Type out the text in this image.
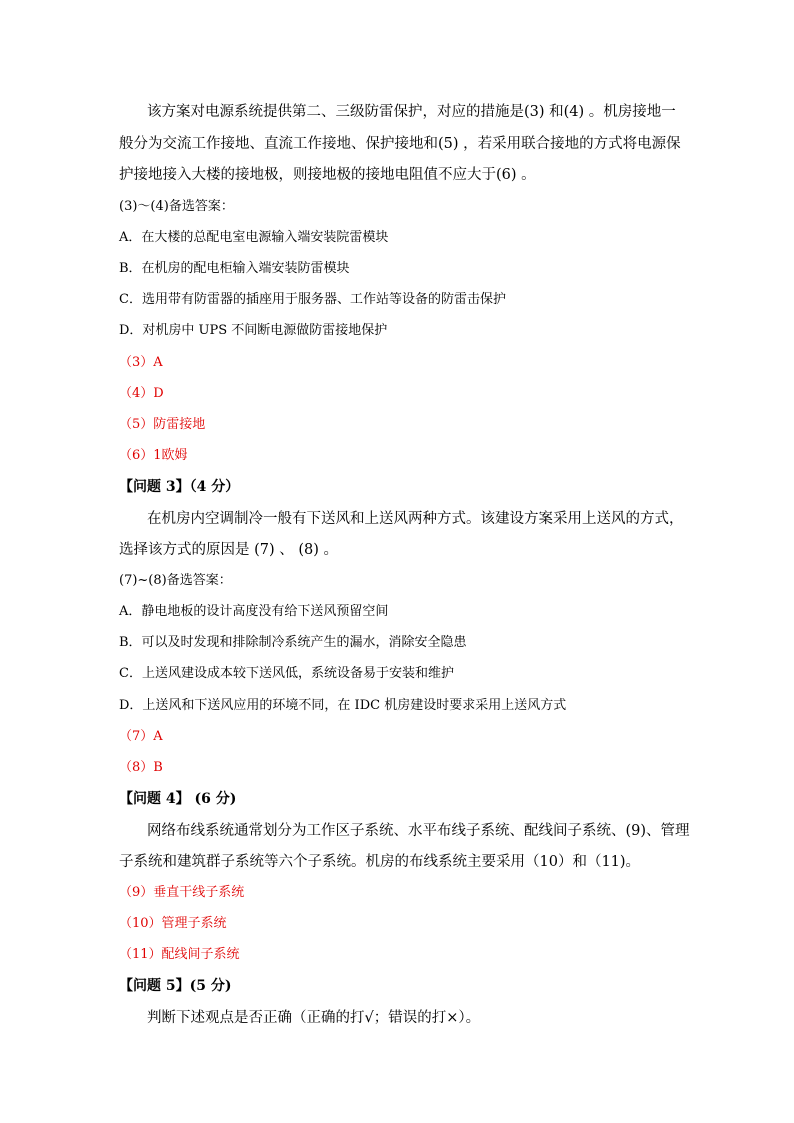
该方案对电源系统提供第二、三级防雷保护，对应的措施是(3) 和(4) 。机房接地一
般分为交流工作接地、直流工作接地、保护接地和(5) ，若采用联合接地的方式将电源保
护接地接入大楼的接地极，则接地极的接地电阻值不应大于(6) 。
(3)～(4)备选答案：
A．在大楼的总配电室电源输入端安装院雷模块
B．在机房的配电柜输入端安装防雷模块
C．选用带有防雷器的插座用于服务器、工作站等设备的防雷击保护
D．对机房中 UPS 不间断电源做防雷接地保护
（3）A
（4）D
（5）防雷接地
（6）1欧姆
【问题 3】（4 分）
在机房内空调制冷一般有下送风和上送风两种方式。该建设方案采用上送风的方式，
选择该方式的原因是 (7) 、 (8) 。
(7)~(8)备选答案：
A．静电地板的设计高度没有给下送风预留空间
B．可以及时发现和排除制冷系统产生的漏水，消除安全隐患
C．上送风建设成本较下送风低，系统设备易于安装和维护
D．上送风和下送风应用的环境不同，在 IDC 机房建设时要求采用上送风方式
（7）A
（8）B
【问题 4】 (6 分)
网络布线系统通常划分为工作区子系统、水平布线子系统、配线间子系统、(9)、管理
子系统和建筑群子系统等六个子系统。机房的布线系统主要采用（10）和（11)。
（9）垂直干线子系统
（10）管理子系统
（11）配线间子系统
【问题 5】(5 分)
判断下述观点是否正确（正确的打√；错误的打×）。
